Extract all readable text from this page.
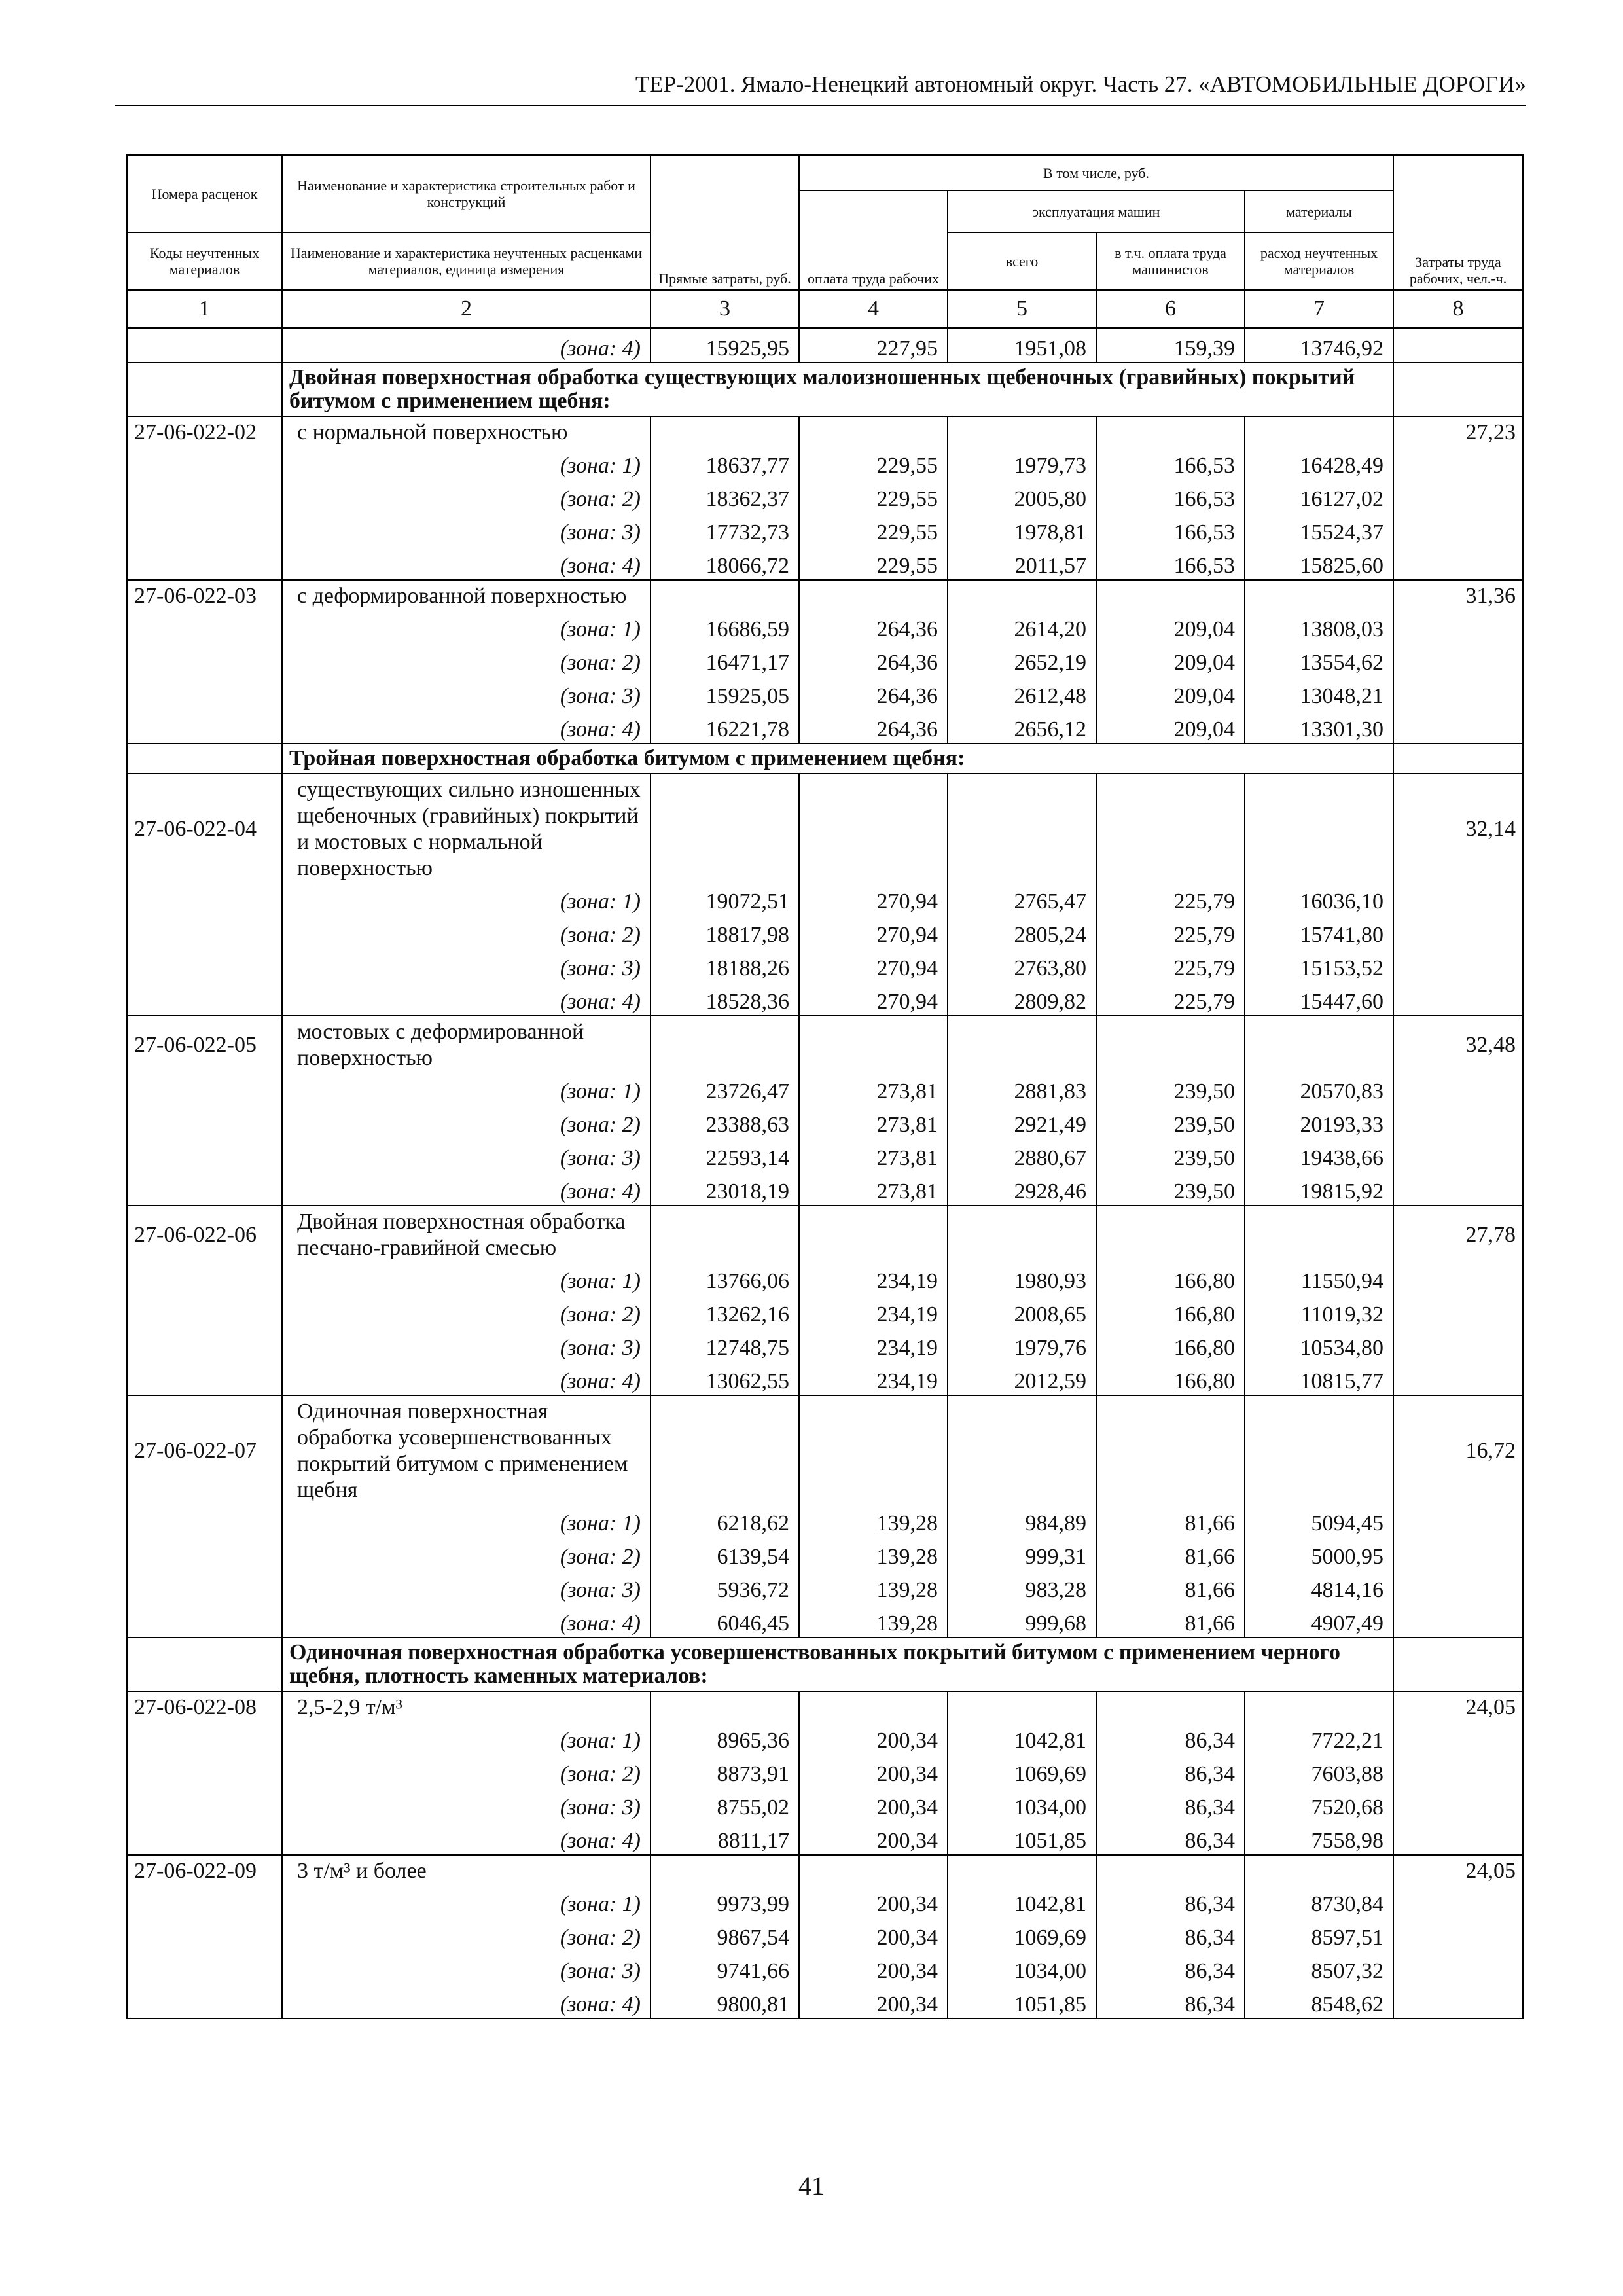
ТЕР-2001. Ямало-Ненецкий автономный округ. Часть 27. «АВТОМОБИЛЬНЫЕ ДОРОГИ»
Номера расценок	Наименование и характеристика строительных работ и конструкций	Прямые затраты, руб.	В том числе, руб.				Затраты труда рабочих, чел.-ч.
			оплата труда рабочих	эксплуатация машин		материалы	
Коды неучтенных материалов	Наименование и характеристика неучтенных расценками материалов, единица измерения			всего	в т.ч. оплата труда машинистов	расход неучтенных материалов	
1	2	3	4	5	6	7	8
	(зона: 4)	15925,95	227,95	1951,08	159,39	13746,92	
	Двойная поверхностная обработка существующих малоизношенных щебеночных (гравийных) покрытий битумом с применением щебня:						
27-06-022-02	с нормальной поверхностью						27,23
	(зона: 1)	18637,77	229,55	1979,73	166,53	16428,49	
	(зона: 2)	18362,37	229,55	2005,80	166,53	16127,02	
	(зона: 3)	17732,73	229,55	1978,81	166,53	15524,37	
	(зона: 4)	18066,72	229,55	2011,57	166,53	15825,60	
27-06-022-03	с деформированной поверхностью						31,36
	(зона: 1)	16686,59	264,36	2614,20	209,04	13808,03	
	(зона: 2)	16471,17	264,36	2652,19	209,04	13554,62	
	(зона: 3)	15925,05	264,36	2612,48	209,04	13048,21	
	(зона: 4)	16221,78	264,36	2656,12	209,04	13301,30	
	Тройная поверхностная обработка битумом с применением щебня:						
27-06-022-04	существующих сильно изношенных щебеночных (гравийных) покрытий и мостовых с нормальной поверхностью						32,14
	(зона: 1)	19072,51	270,94	2765,47	225,79	16036,10	
	(зона: 2)	18817,98	270,94	2805,24	225,79	15741,80	
	(зона: 3)	18188,26	270,94	2763,80	225,79	15153,52	
	(зона: 4)	18528,36	270,94	2809,82	225,79	15447,60	
27-06-022-05	мостовых с деформированной поверхностью						32,48
	(зона: 1)	23726,47	273,81	2881,83	239,50	20570,83	
	(зона: 2)	23388,63	273,81	2921,49	239,50	20193,33	
	(зона: 3)	22593,14	273,81	2880,67	239,50	19438,66	
	(зона: 4)	23018,19	273,81	2928,46	239,50	19815,92	
27-06-022-06	Двойная поверхностная обработка песчано-гравийной смесью						27,78
	(зона: 1)	13766,06	234,19	1980,93	166,80	11550,94	
	(зона: 2)	13262,16	234,19	2008,65	166,80	11019,32	
	(зона: 3)	12748,75	234,19	1979,76	166,80	10534,80	
	(зона: 4)	13062,55	234,19	2012,59	166,80	10815,77	
27-06-022-07	Одиночная поверхностная обработка усовершенствованных покрытий битумом с применением щебня						16,72
	(зона: 1)	6218,62	139,28	984,89	81,66	5094,45	
	(зона: 2)	6139,54	139,28	999,31	81,66	5000,95	
	(зона: 3)	5936,72	139,28	983,28	81,66	4814,16	
	(зона: 4)	6046,45	139,28	999,68	81,66	4907,49	
	Одиночная поверхностная обработка усовершенствованных покрытий битумом с применением черного щебня, плотность каменных материалов:						
27-06-022-08	2,5-2,9 т/м³						24,05
	(зона: 1)	8965,36	200,34	1042,81	86,34	7722,21	
	(зона: 2)	8873,91	200,34	1069,69	86,34	7603,88	
	(зона: 3)	8755,02	200,34	1034,00	86,34	7520,68	
	(зона: 4)	8811,17	200,34	1051,85	86,34	7558,98	
27-06-022-09	3 т/м³ и более						24,05
	(зона: 1)	9973,99	200,34	1042,81	86,34	8730,84	
	(зона: 2)	9867,54	200,34	1069,69	86,34	8597,51	
	(зона: 3)	9741,66	200,34	1034,00	86,34	8507,32	
	(зона: 4)	9800,81	200,34	1051,85	86,34	8548,62	
41
